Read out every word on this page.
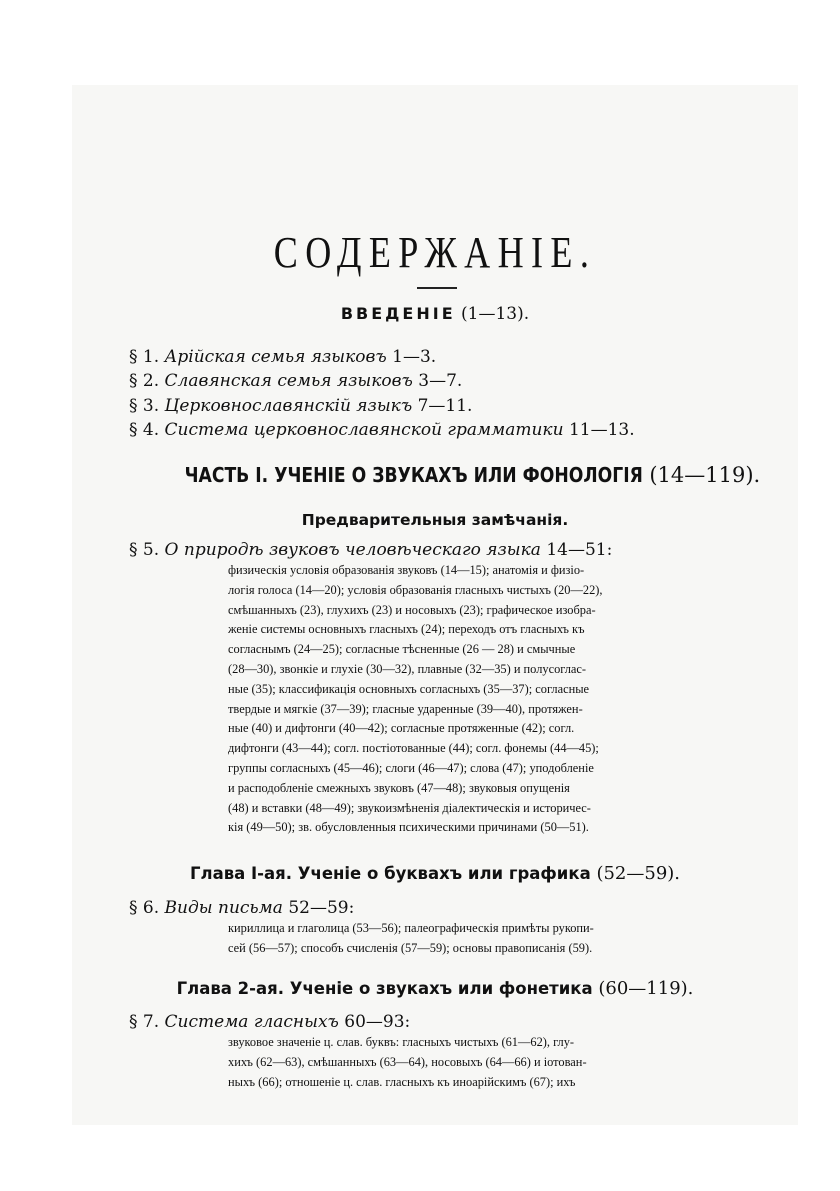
СОДЕРЖАНІЕ.
ВВЕДЕНІЕ (1—13).
§ 1. Арійская семья языковъ 1—3.
§ 2. Славянская семья языковъ 3—7.
§ 3. Церковнославянскій языкъ 7—11.
§ 4. Система церковнославянской грамматики 11—13.
ЧАСТЬ I. УЧЕНІЕ О ЗВУКАХЪ ИЛИ ФОНОЛОГІЯ (14—119).
Предварительныя замѣчанія.
§ 5. О природѣ звуковъ человѣческаго языка 14—51:
физическія условія образованія звуковъ (14—15); анатомія и физіо-
логія голоса (14—20); условія образованія гласныхъ чистыхъ (20—22),
смѣшанныхъ (23), глухихъ (23) и носовыхъ (23); графическое изобра-
женіе системы основныхъ гласныхъ (24); переходъ отъ гласныхъ къ
согласнымъ (24—25); согласные тѣсненные (26 — 28) и смычные
(28—30), звонкіе и глухіе (30—32), плавные (32—35) и полусоглас-
ные (35); классификація основныхъ согласныхъ (35—37); согласные
твердые и мягкіе (37—39); гласные ударенные (39—40), протяжен-
ные (40) и дифтонги (40—42); согласные протяженные (42); согл.
дифтонги (43—44); согл. постіотованные (44); согл. фонемы (44—45);
группы согласныхъ (45—46); слоги (46—47); слова (47); уподобленіе
и расподобленіе смежныхъ звуковъ (47—48); звуковыя опущенія
(48) и вставки (48—49); звукоизмѣненія діалектическія и историчес-
кія (49—50); зв. обусловленныя психическими причинами (50—51).
Глава I-ая. Ученіе о буквахъ или графика (52—59).
§ 6. Виды письма 52—59:
кириллица и глаголица (53—56); палеографическія примѣты рукопи-
сей (56—57); способъ счисленія (57—59); основы правописанія (59).
Глава 2-ая. Ученіе о звукахъ или фонетика (60—119).
§ 7. Система гласныхъ 60—93:
звуковое значеніе ц. слав. буквъ: гласныхъ чистыхъ (61—62), глу-
хихъ (62—63), смѣшанныхъ (63—64), носовыхъ (64—66) и іотован-
ныхъ (66); отношеніе ц. слав. гласныхъ къ иноарійскимъ (67); ихъ
